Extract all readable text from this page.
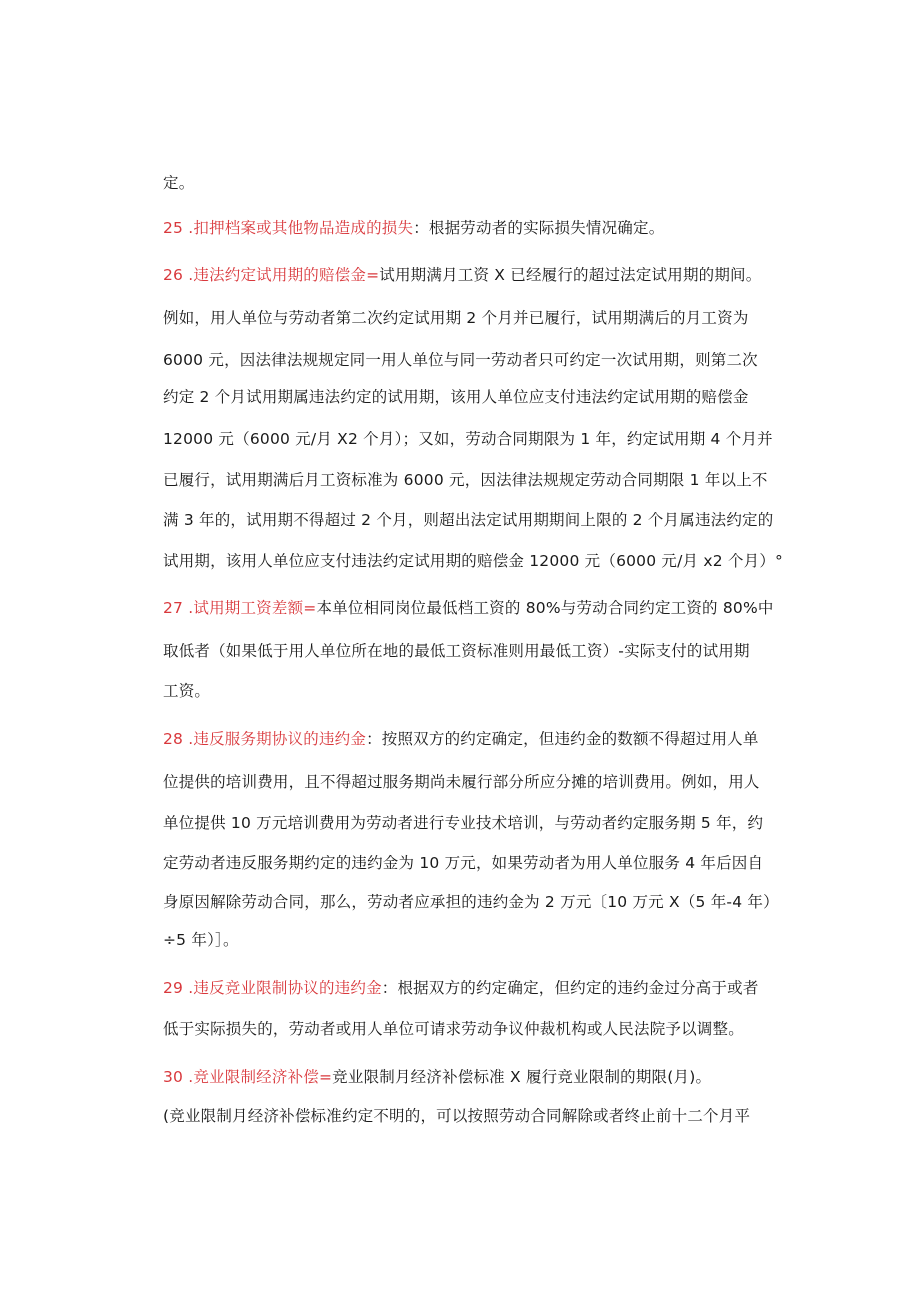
定。
25 .扣押档案或其他物品造成的损失：根据劳动者的实际损失情况确定。
26 .违法约定试用期的赔偿金=试用期满月工资 X 已经履行的超过法定试用期的期间。
例如，用人单位与劳动者第二次约定试用期 2 个月并已履行，试用期满后的月工资为
6000 元，因法律法规规定同一用人单位与同一劳动者只可约定一次试用期，则第二次
约定 2 个月试用期属违法约定的试用期，该用人单位应支付违法约定试用期的赔偿金
12000 元（6000 元/月 X2 个月）；又如，劳动合同期限为 1 年，约定试用期 4 个月并
已履行，试用期满后月工资标准为 6000 元，因法律法规规定劳动合同期限 1 年以上不
满 3 年的，试用期不得超过 2 个月，则超出法定试用期期间上限的 2 个月属违法约定的
试用期，该用人单位应支付违法约定试用期的赔偿金 12000 元（6000 元/月 x2 个月）°
27 .试用期工资差额=本单位相同岗位最低档工资的 80%与劳动合同约定工资的 80%中
取低者（如果低于用人单位所在地的最低工资标准则用最低工资）-实际支付的试用期
工资。
28 .违反服务期协议的违约金：按照双方的约定确定，但违约金的数额不得超过用人单
位提供的培训费用，且不得超过服务期尚未履行部分所应分摊的培训费用。例如，用人
单位提供 10 万元培训费用为劳动者进行专业技术培训，与劳动者约定服务期 5 年，约
定劳动者违反服务期约定的违约金为 10 万元，如果劳动者为用人单位服务 4 年后因自
身原因解除劳动合同，那么，劳动者应承担的违约金为 2 万元〔10 万元 X（5 年-4 年）
÷5 年）］。
29 .违反竞业限制协议的违约金：根据双方的约定确定，但约定的违约金过分高于或者
低于实际损失的，劳动者或用人单位可请求劳动争议仲裁机构或人民法院予以调整。
30 .竞业限制经济补偿=竞业限制月经济补偿标准 X 履行竞业限制的期限(月)。
(竞业限制月经济补偿标准约定不明的，可以按照劳动合同解除或者终止前十二个月平
